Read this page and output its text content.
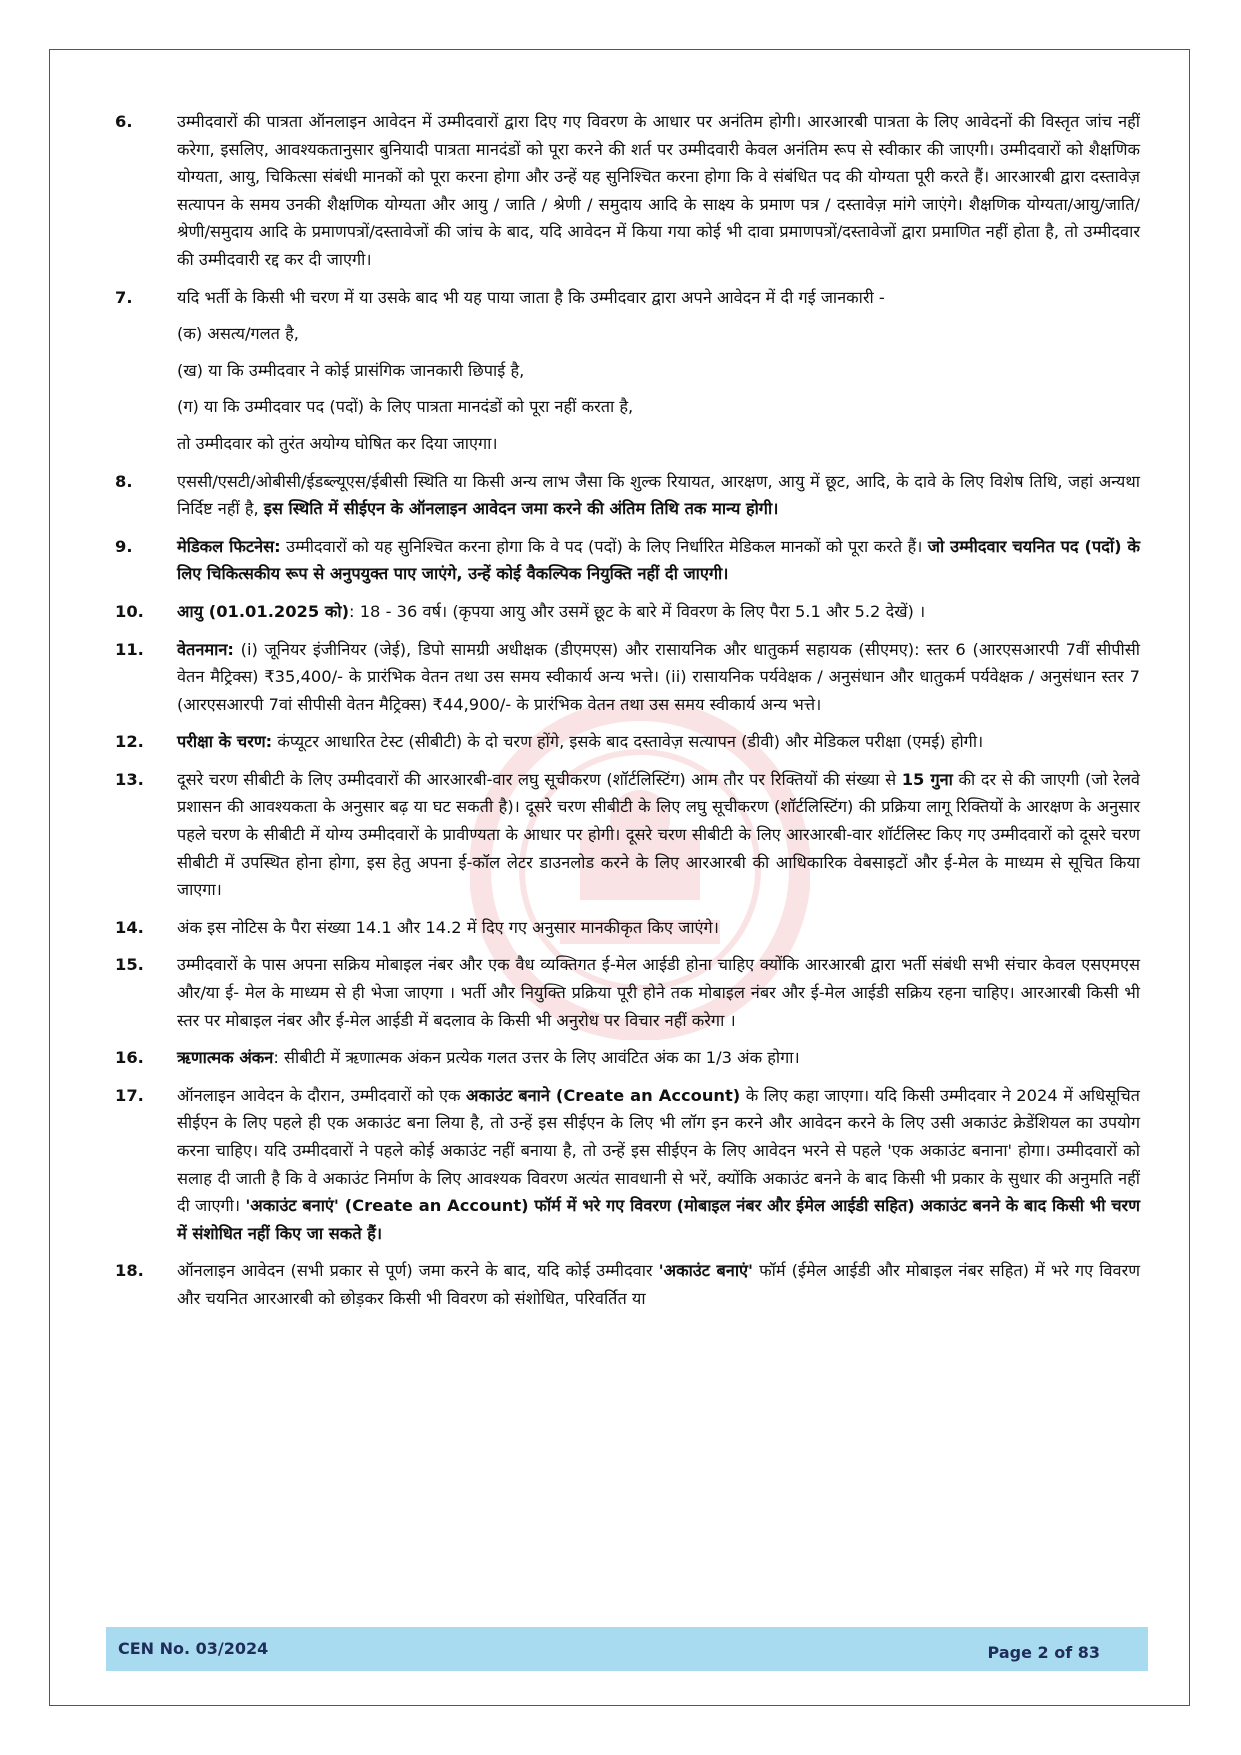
6.	उम्मीदवारों की पात्रता ऑनलाइन आवेदन में उम्मीदवारों द्वारा दिए गए विवरण के आधार पर अनंतिम होगी। आरआरबी पात्रता के लिए आवेदनों की विस्तृत जांच नहीं करेगा, इसलिए, आवश्यकतानुसार बुनियादी पात्रता मानदंडों को पूरा करने की शर्त पर उम्मीदवारी केवल अनंतिम रूप से स्वीकार की जाएगी। उम्मीदवारों को शैक्षणिक योग्यता, आयु, चिकित्सा संबंधी मानकों को पूरा करना होगा और उन्हें यह सुनिश्चित करना होगा कि वे संबंधित पद की योग्यता पूरी करते हैं। आरआरबी द्वारा दस्तावेज़ सत्यापन के समय उनकी शैक्षणिक योग्यता और आयु / जाति / श्रेणी / समुदाय आदि के साक्ष्य के प्रमाण पत्र / दस्तावेज़ मांगे जाएंगे। शैक्षणिक योग्यता/आयु/जाति/श्रेणी/समुदाय आदि के प्रमाणपत्रों/दस्तावेजों की जांच के बाद, यदि आवेदन में किया गया कोई भी दावा प्रमाणपत्रों/दस्तावेजों द्वारा प्रमाणित नहीं होता है, तो उम्मीदवार की उम्मीदवारी रद्द कर दी जाएगी।

7.	यदि भर्ती के किसी भी चरण में या उसके बाद भी यह पाया जाता है कि उम्मीदवार द्वारा अपने आवेदन में दी गई जानकारी -

(क) असत्य/गलत है,

(ख) या कि उम्मीदवार ने कोई प्रासंगिक जानकारी छिपाई है,

(ग) या कि उम्मीदवार पद (पदों) के लिए पात्रता मानदंडों को पूरा नहीं करता है,

तो उम्मीदवार को तुरंत अयोग्य घोषित कर दिया जाएगा।

8.	एससी/एसटी/ओबीसी/ईडब्ल्यूएस/ईबीसी स्थिति या किसी अन्य लाभ जैसा कि शुल्क रियायत, आरक्षण, आयु में छूट, आदि, के दावे के लिए विशेष तिथि, जहां अन्यथा निर्दिष्ट नहीं है, इस स्थिति में सीईएन के ऑनलाइन आवेदन जमा करने की अंतिम तिथि तक मान्य होगी।

9.	मेडिकल फिटनेस: उम्मीदवारों को यह सुनिश्चित करना होगा कि वे पद (पदों) के लिए निर्धारित मेडिकल मानकों को पूरा करते हैं। जो उम्मीदवार चयनित पद (पदों) के लिए चिकित्सकीय रूप से अनुपयुक्त पाए जाएंगे, उन्हें कोई वैकल्पिक नियुक्ति नहीं दी जाएगी।

10.	आयु (01.01.2025 को): 18 - 36 वर्ष। (कृपया आयु और उसमें छूट के बारे में विवरण के लिए पैरा 5.1 और 5.2 देखें) ।

11.	वेतनमान: (i) जूनियर इंजीनियर (जेई), डिपो सामग्री अधीक्षक (डीएमएस) और रासायनिक और धातुकर्म सहायक (सीएमए): स्तर 6 (आरएसआरपी 7वीं सीपीसी वेतन मैट्रिक्स) ₹35,400/- के प्रारंभिक वेतन तथा उस समय स्वीकार्य अन्य भत्ते। (ii) रासायनिक पर्यवेक्षक / अनुसंधान और धातुकर्म पर्यवेक्षक / अनुसंधान स्तर 7 (आरएसआरपी 7वां सीपीसी वेतन मैट्रिक्स) ₹44,900/- के प्रारंभिक वेतन तथा उस समय स्वीकार्य अन्य भत्ते।

12.	परीक्षा के चरण: कंप्यूटर आधारित टेस्ट (सीबीटी) के दो चरण होंगे, इसके बाद दस्तावेज़ सत्यापन (डीवी) और मेडिकल परीक्षा (एमई) होगी।

13.	दूसरे चरण सीबीटी के लिए उम्मीदवारों की आरआरबी-वार लघु सूचीकरण (शॉर्टलिस्टिंग) आम तौर पर रिक्तियों की संख्या से 15 गुना की दर से की जाएगी (जो रेलवे प्रशासन की आवश्यकता के अनुसार बढ़ या घट सकती है)। दूसरे चरण सीबीटी के लिए लघु सूचीकरण (शॉर्टलिस्टिंग) की प्रक्रिया लागू रिक्तियों के आरक्षण के अनुसार पहले चरण के सीबीटी में योग्य उम्मीदवारों के प्रावीण्यता के आधार पर होगी। दूसरे चरण सीबीटी के लिए आरआरबी-वार शॉर्टलिस्ट किए गए उम्मीदवारों को दूसरे चरण सीबीटी में उपस्थित होना होगा, इस हेतु अपना ई-कॉल लेटर डाउनलोड करने के लिए आरआरबी की आधिकारिक वेबसाइटों और ई-मेल के माध्यम से सूचित किया जाएगा।

14.	अंक इस नोटिस के पैरा संख्या 14.1 और 14.2 में दिए गए अनुसार मानकीकृत किए जाएंगे।

15.	उम्मीदवारों के पास अपना सक्रिय मोबाइल नंबर और एक वैध व्यक्तिगत ई-मेल आईडी होना चाहिए क्योंकि आरआरबी द्वारा भर्ती संबंधी सभी संचार केवल एसएमएस और/या ई- मेल के माध्यम से ही भेजा जाएगा । भर्ती और नियुक्ति प्रक्रिया पूरी होने तक मोबाइल नंबर और ई-मेल आईडी सक्रिय रहना चाहिए। आरआरबी किसी भी स्तर पर मोबाइल नंबर और ई-मेल आईडी में बदलाव के किसी भी अनुरोध पर विचार नहीं करेगा ।

16.	ऋणात्मक अंकन: सीबीटी में ऋणात्मक अंकन प्रत्येक गलत उत्तर के लिए आवंटित अंक का 1/3 अंक होगा।

17.	ऑनलाइन आवेदन के दौरान, उम्मीदवारों को एक अकाउंट बनाने (Create an Account) के लिए कहा जाएगा। यदि किसी उम्मीदवार ने 2024 में अधिसूचित सीईएन के लिए पहले ही एक अकाउंट बना लिया है, तो उन्हें इस सीईएन के लिए भी लॉग इन करने और आवेदन करने के लिए उसी अकाउंट क्रेडेंशियल का उपयोग करना चाहिए। यदि उम्मीदवारों ने पहले कोई अकाउंट नहीं बनाया है, तो उन्हें इस सीईएन के लिए आवेदन भरने से पहले 'एक अकाउंट बनाना' होगा। उम्मीदवारों को सलाह दी जाती है कि वे अकाउंट निर्माण के लिए आवश्यक विवरण अत्यंत सावधानी से भरें, क्योंकि अकाउंट बनने के बाद किसी भी प्रकार के सुधार की अनुमति नहीं दी जाएगी। 'अकाउंट बनाएं' (Create an Account) फॉर्म में भरे गए विवरण (मोबाइल नंबर और ईमेल आईडी सहित) अकाउंट बनने के बाद किसी भी चरण में संशोधित नहीं किए जा सकते हैं।

18.	ऑनलाइन आवेदन (सभी प्रकार से पूर्ण) जमा करने के बाद, यदि कोई उम्मीदवार 'अकाउंट बनाएं' फॉर्म (ईमेल आईडी और मोबाइल नंबर सहित) में भरे गए विवरण और चयनित आरआरबी को छोड़कर किसी भी विवरण को संशोधित, परिवर्तित या

CEN No. 03/2024	Page 2 of 83
